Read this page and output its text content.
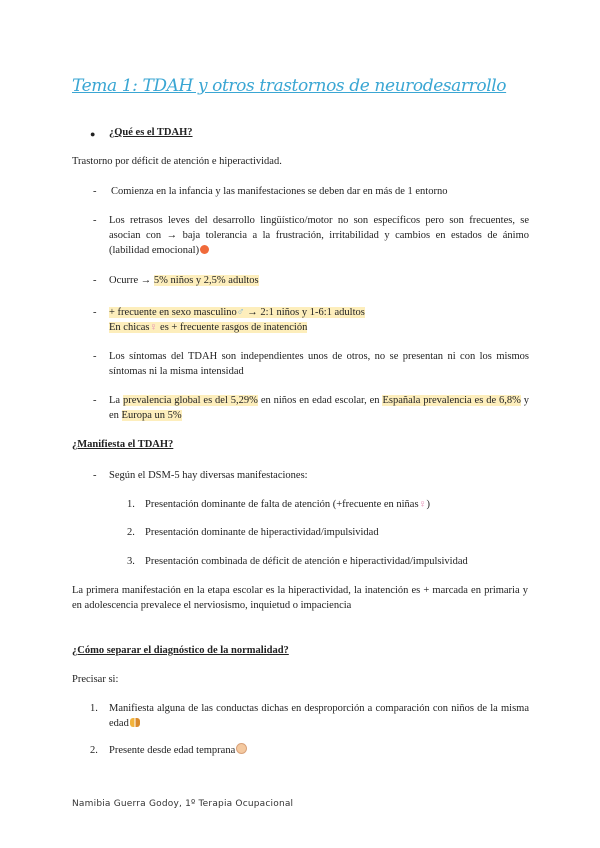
Tema 1: TDAH y otros trastornos de neurodesarrollo
● ¿Qué es el TDAH?
Trastorno por déficit de atención e hiperactividad.
- Comienza en la infancia y las manifestaciones se deben dar en más de 1 entorno
- Los retrasos leves del desarrollo lingüístico/motor no son específicos pero son frecuentes, se asocian con → baja tolerancia a la frustración, irritabilidad y cambios en estados de ánimo (labilidad emocional)
- Ocurre → 5% niños y 2,5% adultos
- + frecuente en sexo masculino♂ → 2:1 niños y 1-6:1 adultos
En chicas♀ es + frecuente rasgos de inatención
- Los síntomas del TDAH son independientes unos de otros, no se presentan ni con los mismos síntomas ni la misma intensidad
- La prevalencia global es del 5,29% en niños en edad escolar, en Españala prevalencia es de 6,8% y en Europa un 5%
¿Manifiesta el TDAH?
- Según el DSM-5 hay diversas manifestaciones:
1. Presentación dominante de falta de atención (+frecuente en niñas♀)
2. Presentación dominante de hiperactividad/impulsividad
3. Presentación combinada de déficit de atención e hiperactividad/impulsividad
La primera manifestación en la etapa escolar es la hiperactividad, la inatención es + marcada en primaria y en adolescencia prevalece el nerviosismo, inquietud o impaciencia
¿Cómo separar el diagnóstico de la normalidad?
Precisar si:
1. Manifiesta alguna de las conductas dichas en desproporción a comparación con niños de la misma edad
2. Presente desde edad temprana
Namibia Guerra Godoy, 1º Terapia Ocupacional
